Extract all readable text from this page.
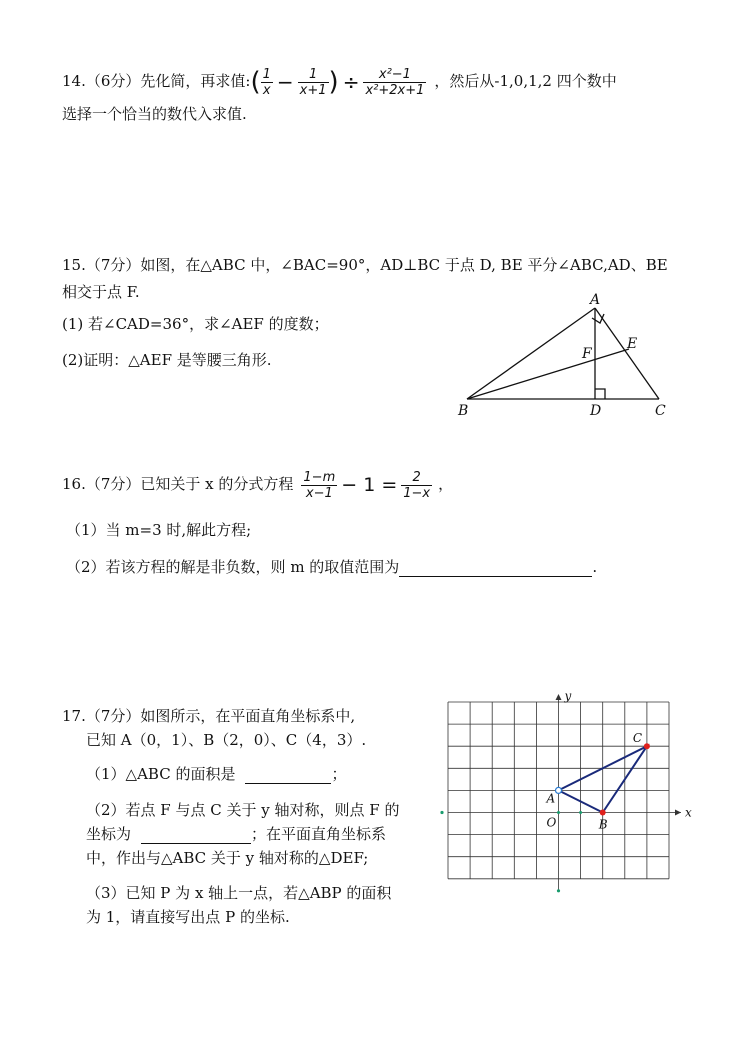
14.（6分）先化简，再求值:( $\frac{1}{x} - \frac{1}{x+1}$ ) ÷ $\frac{\text{x²−1}}{\text{x²+2x+1}}$ ，然后从-1,0,1,2 四个数中
选择一个恰当的数代入求值.
15.（7分）如图，在△ABC 中，∠BAC=90°，AD⊥BC 于点 D, BE 平分∠ABC,AD、BE
相交于点 F.
(1) 若∠CAD=36°，求∠AEF 的度数；
(2)证明：△AEF 是等腰三角形.
A
B	C
D
E
F
16.（7分）已知关于 x 的分式方程 $\frac{1-m}{x-1} - 1 = \frac{2}{1-x}$ ，
（1）当 m=3 时,解此方程;
（2）若该方程的解是非负数，则 m 的取值范围为	.
17.（7分）如图所示，在平面直角坐标系中,
已知 A（0，1）、B（2，0）、C（4，3）.
（1）△ABC 的面积是	；
（2）若点 F 与点 C 关于 y 轴对称，则点 F 的
坐标为	；在平面直角坐标系
中，作出与△ABC 关于 y 轴对称的△DEF;
（3）已知 P 为 x 轴上一点，若△ABP 的面积
为 1，请直接写出点 P 的坐标.
x
y
O
A
B
C
